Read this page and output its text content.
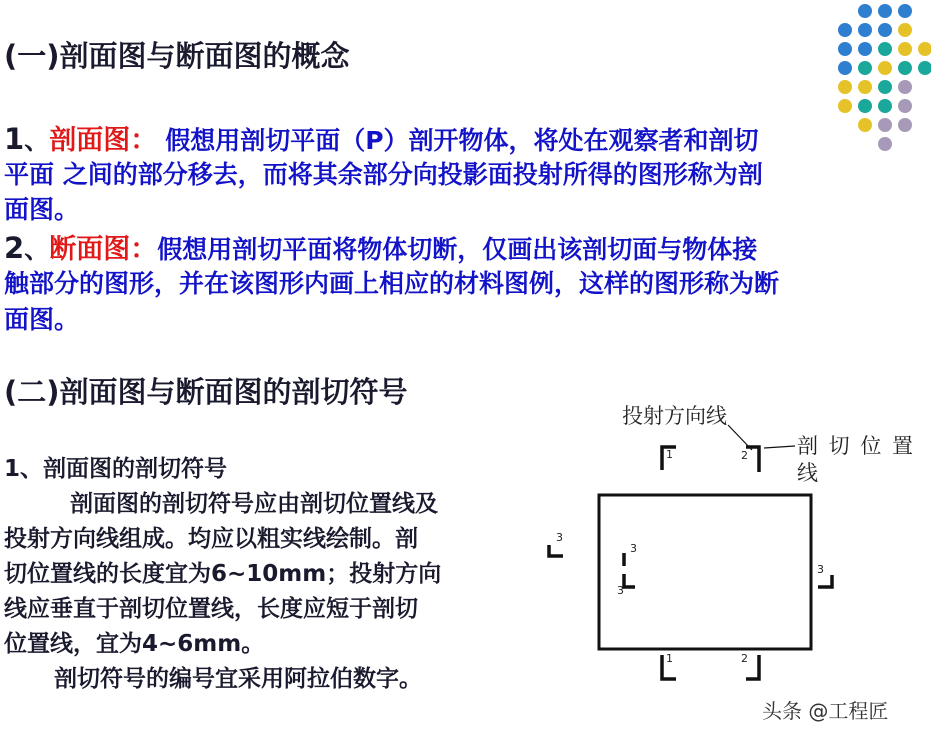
(一)剖面图与断面图的概念
1、剖面图： 假想用剖切平面（P）剖开物体，将处在观察者和剖切
平面 之间的部分移去，而将其余部分向投影面投射所得的图形称为剖
面图。
2、断面图：假想用剖切平面将物体切断，仅画出该剖切面与物体接
触部分的图形，并在该图形内画上相应的材料图例，这样的图形称为断
面图。
(二)剖面图与断面图的剖切符号
1、剖面图的剖切符号
剖面图的剖切符号应由剖切位置线及
投射方向线组成。均应以粗实线绘制。剖
切位置线的长度宜为6~10mm；投射方向
线应垂直于剖切位置线，长度应短于剖切
位置线，宜为4~6mm。
剖切符号的编号宜采用阿拉伯数字。
投射方向线
剖 切 位 置
线
1	2
1	2
3
3
3
3
头条 @工程匠
